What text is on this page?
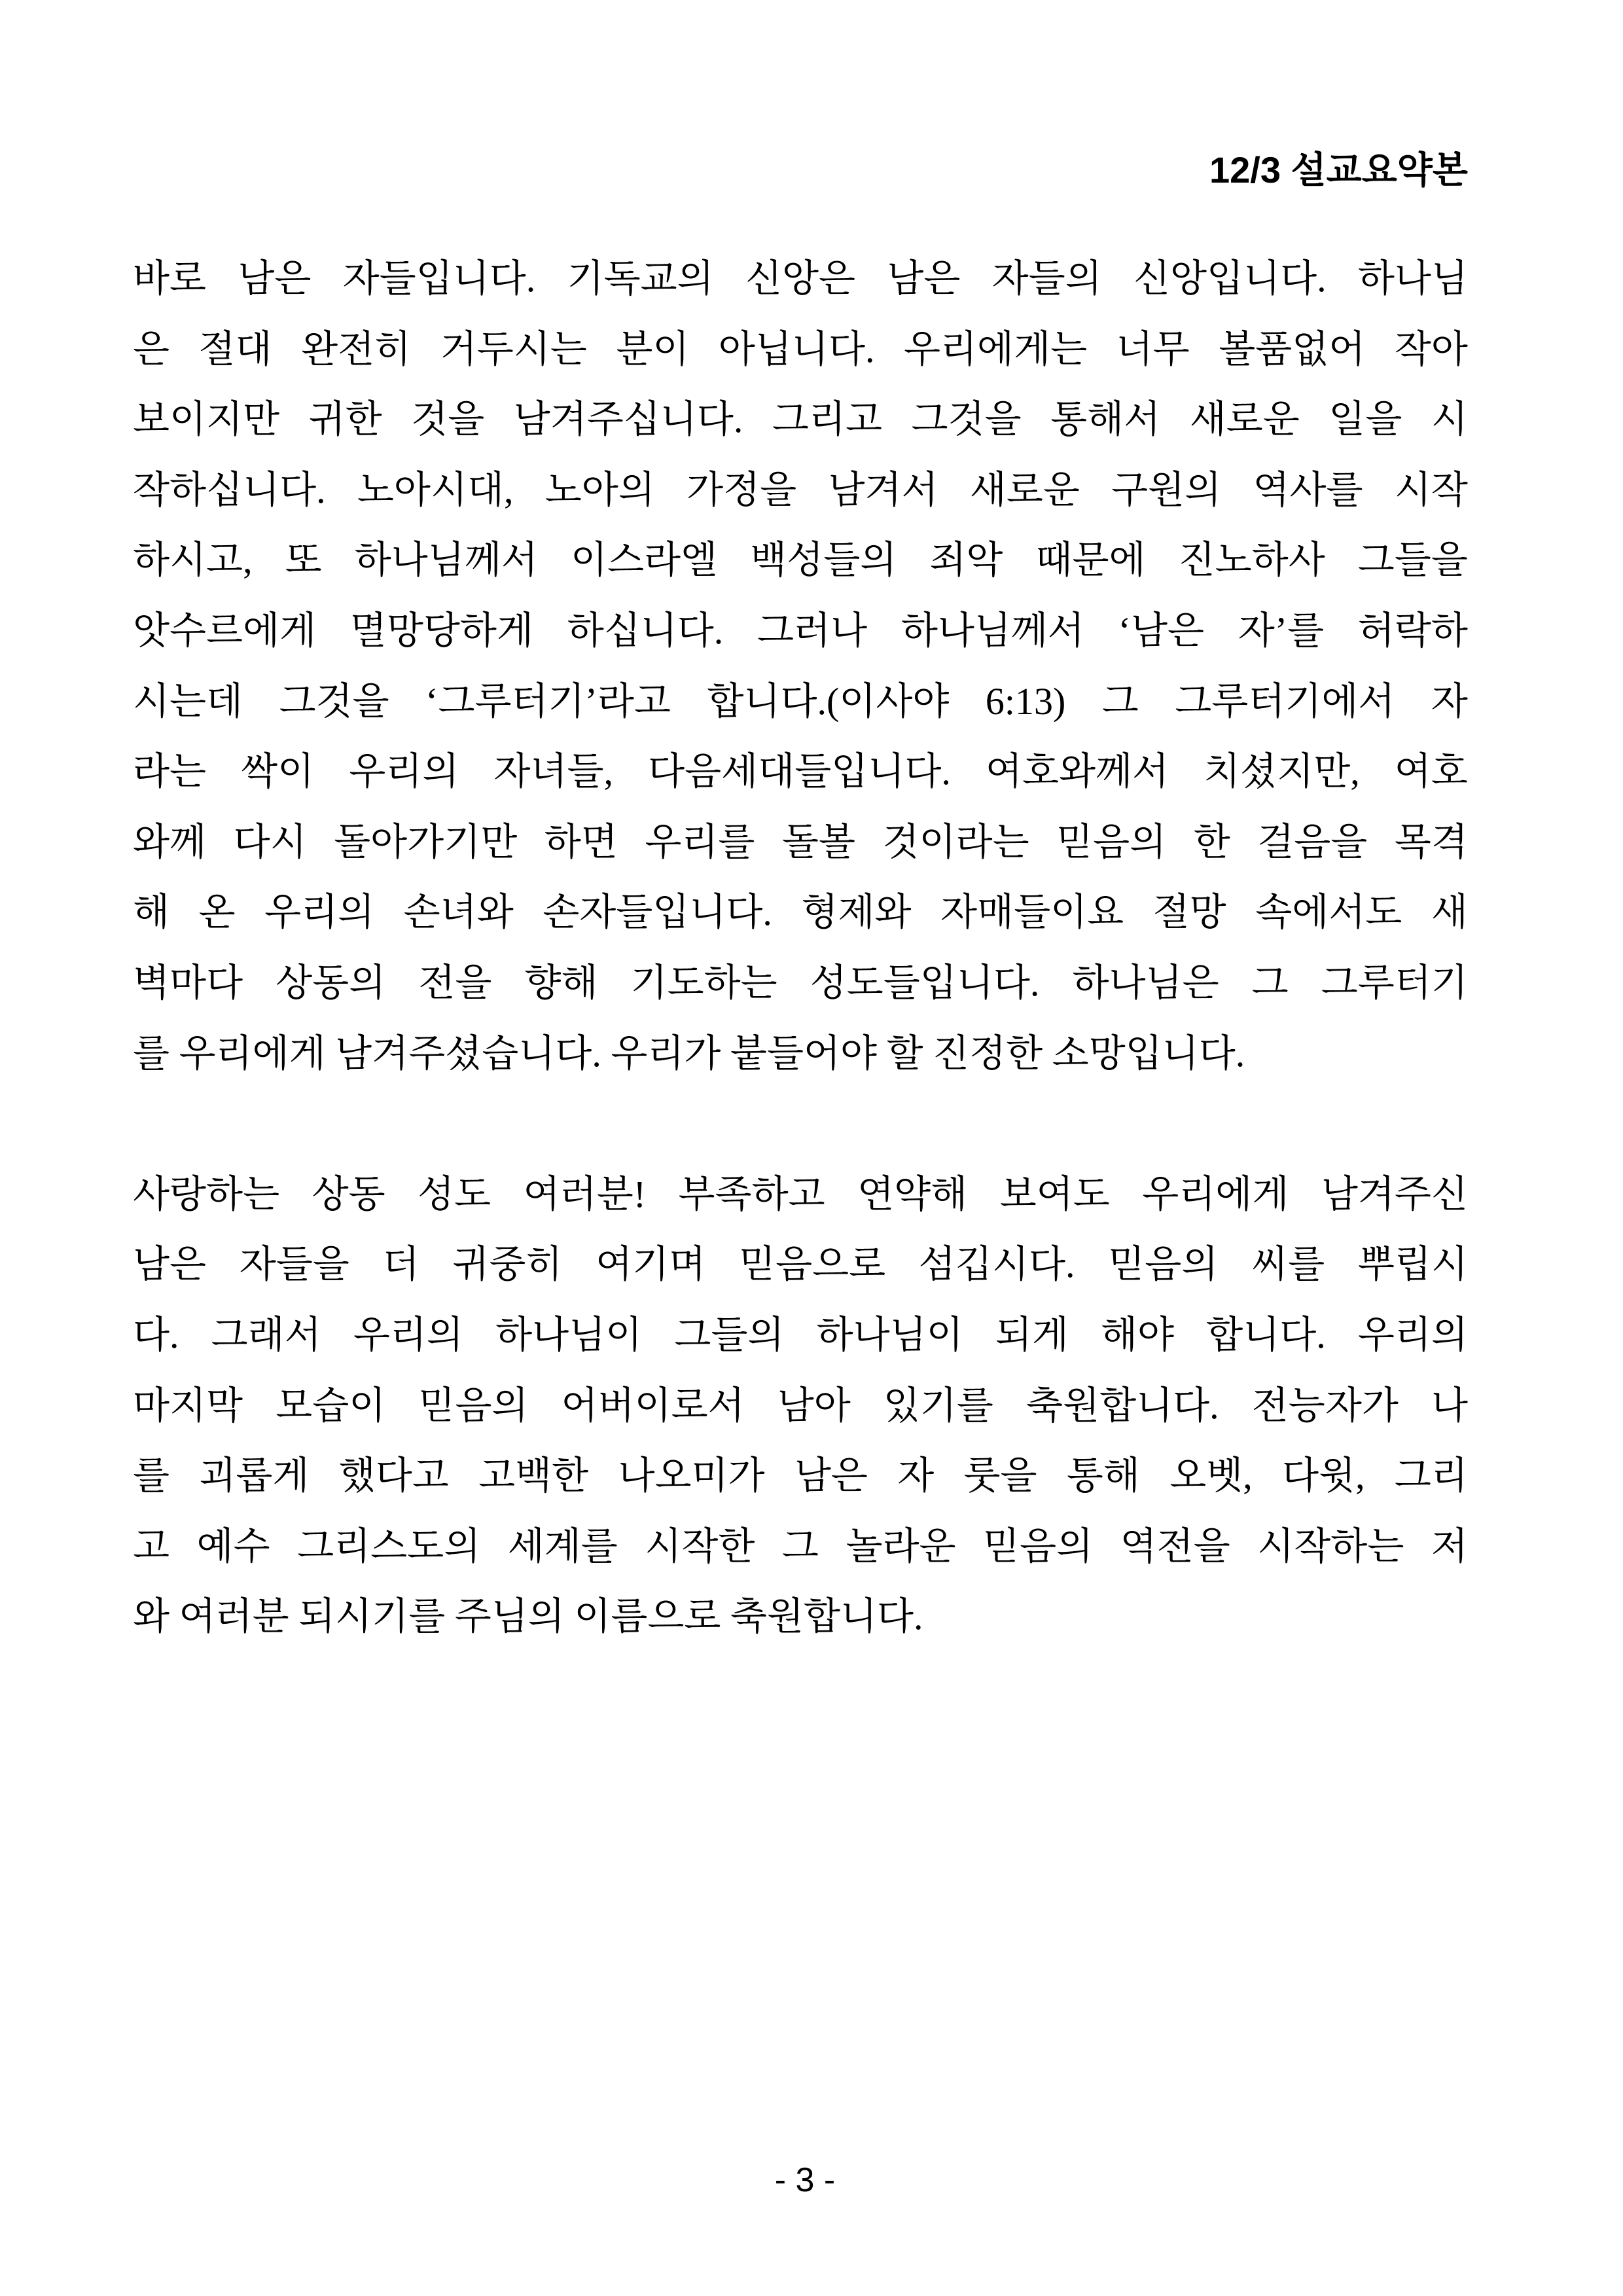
12/3 설교요약본
바로 남은 자들입니다. 기독교의 신앙은 남은 자들의 신앙입니다. 하나님
은 절대 완전히 거두시는 분이 아닙니다. 우리에게는 너무 볼품없어 작아
보이지만 귀한 것을 남겨주십니다. 그리고 그것을 통해서 새로운 일을 시
작하십니다. 노아시대, 노아의 가정을 남겨서 새로운 구원의 역사를 시작
하시고, 또 하나님께서 이스라엘 백성들의 죄악 때문에 진노하사 그들을
앗수르에게 멸망당하게 하십니다. 그러나 하나님께서 ‘남은 자’를 허락하
시는데 그것을 ‘그루터기’라고 합니다.(이사야 6:13) 그 그루터기에서 자
라는 싹이 우리의 자녀들, 다음세대들입니다. 여호와께서 치셨지만, 여호
와께 다시 돌아가기만 하면 우리를 돌볼 것이라는 믿음의 한 걸음을 목격
해 온 우리의 손녀와 손자들입니다. 형제와 자매들이요 절망 속에서도 새
벽마다 상동의 전을 향해 기도하는 성도들입니다. 하나님은 그 그루터기
를 우리에게 남겨주셨습니다. 우리가 붙들어야 할 진정한 소망입니다.
사랑하는 상동 성도 여러분! 부족하고 연약해 보여도 우리에게 남겨주신
남은 자들을 더 귀중히 여기며 믿음으로 섬깁시다. 믿음의 씨를 뿌립시
다. 그래서 우리의 하나님이 그들의 하나님이 되게 해야 합니다. 우리의
마지막 모습이 믿음의 어버이로서 남아 있기를 축원합니다. 전능자가 나
를 괴롭게 했다고 고백한 나오미가 남은 자 룻을 통해 오벳, 다윗, 그리
고 예수 그리스도의 세계를 시작한 그 놀라운 믿음의 역전을 시작하는 저
와 여러분 되시기를 주님의 이름으로 축원합니다.
- 3 -
